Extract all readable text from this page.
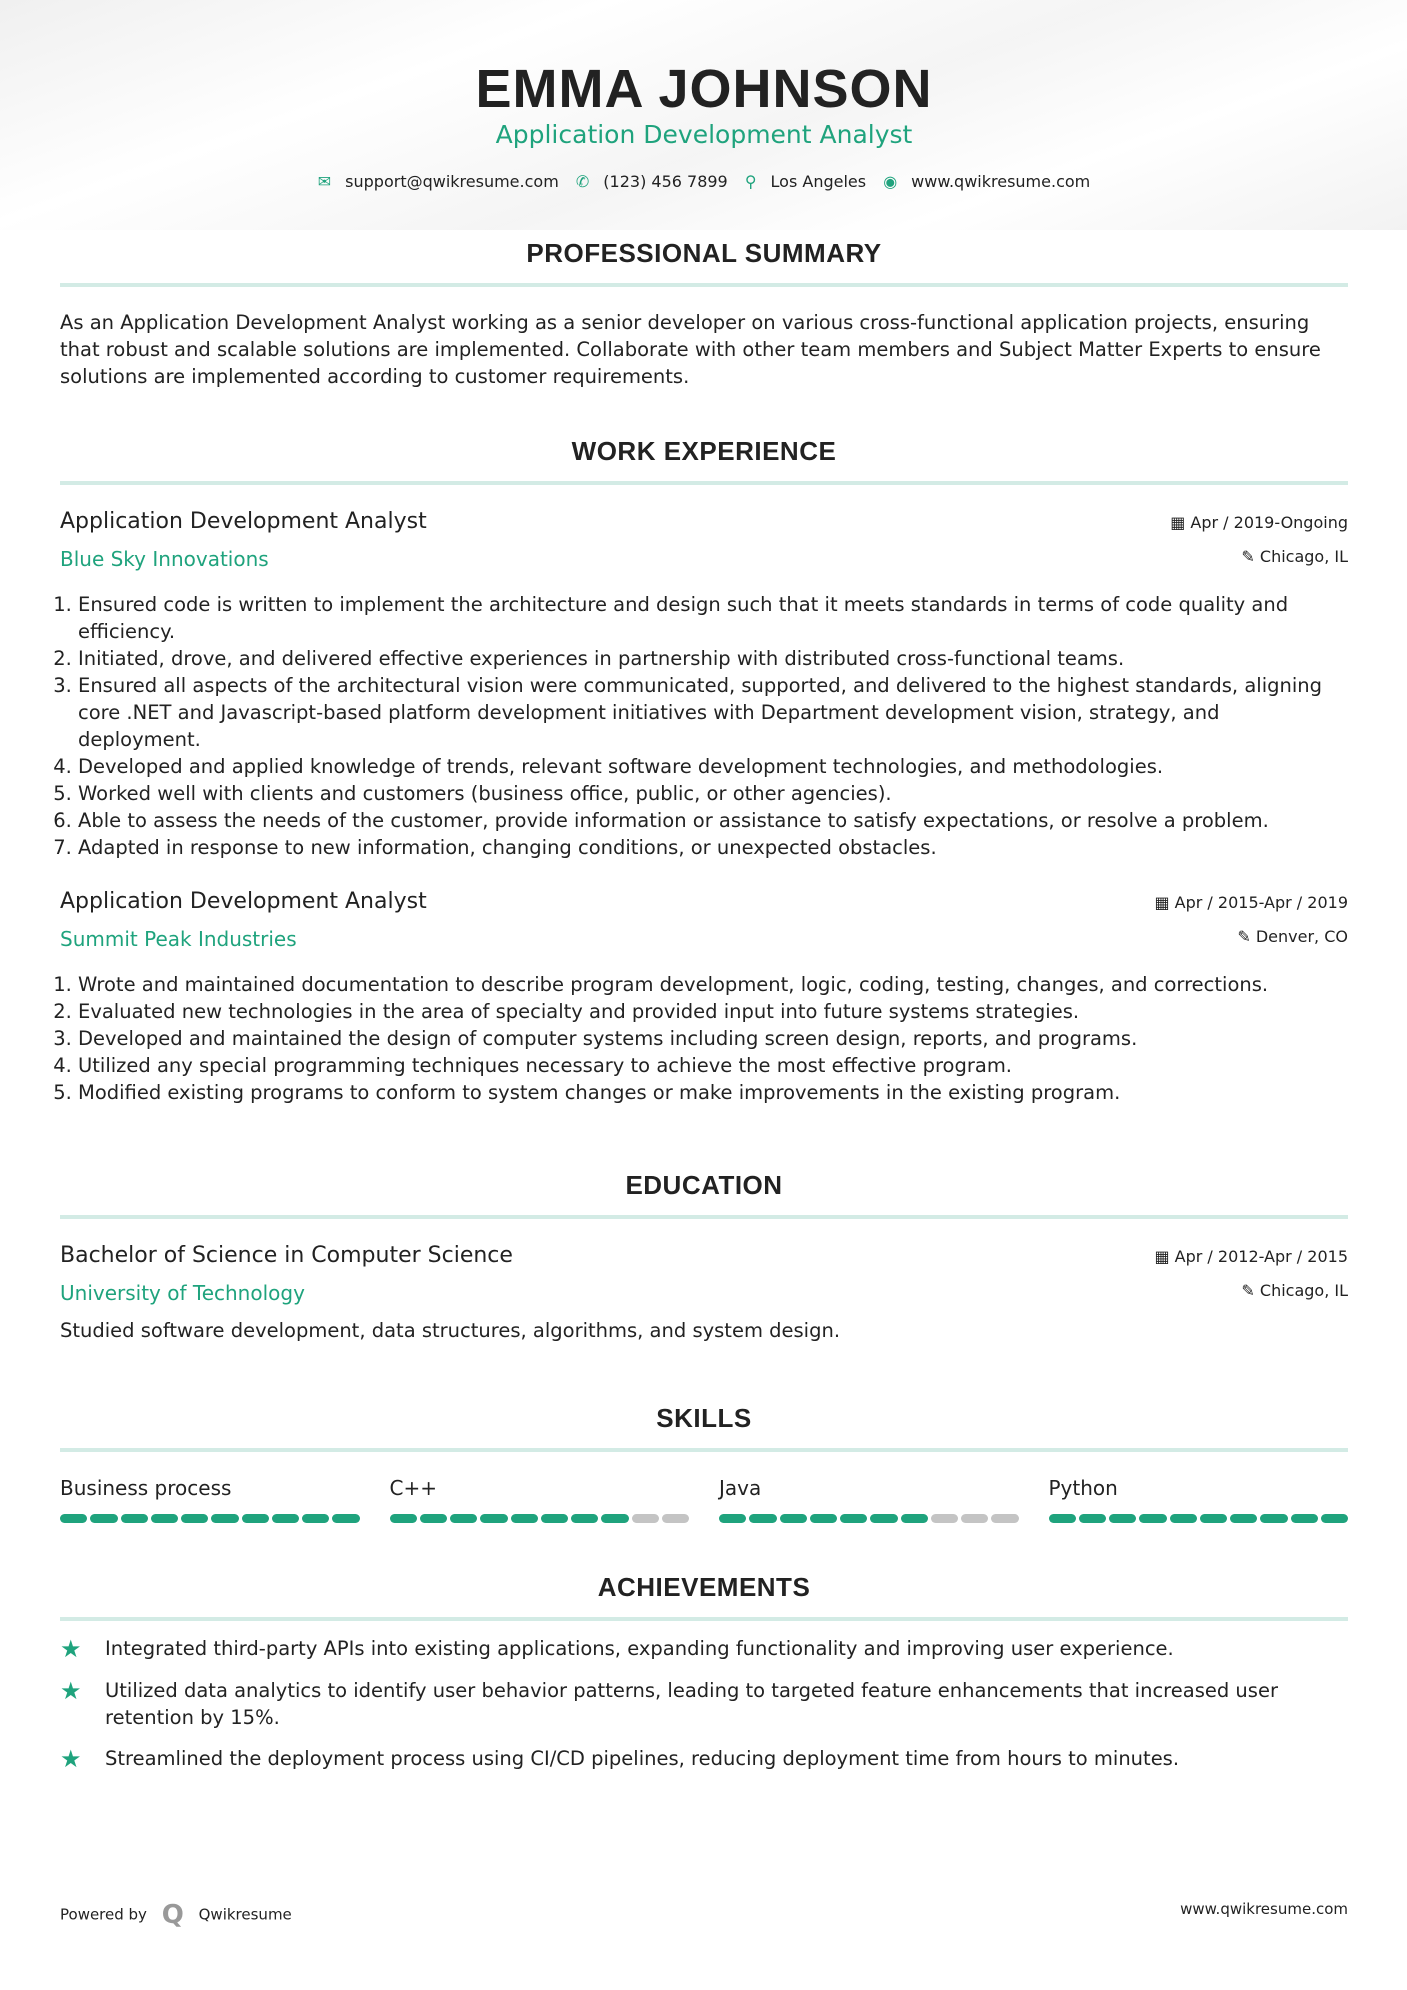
EMMA JOHNSON
Application Development Analyst
✉ support@qwikresume.com ✆ (123) 456 7899 ⚲ Los Angeles ◉ www.qwikresume.com
PROFESSIONAL SUMMARY

As an Application Development Analyst working as a senior developer on various cross-functional application projects, ensuring that robust and scalable solutions are implemented. Collaborate with other team members and Subject Matter Experts to ensure solutions are implemented according to customer requirements.

WORK EXPERIENCE
Application Development Analyst
Blue Sky Innovations
▦ Apr / 2019-Ongoing
✎ Chicago, IL
1. Ensured code is written to implement the architecture and design such that it meets standards in terms of code quality and efficiency.
2. Initiated, drove, and delivered effective experiences in partnership with distributed cross-functional teams.
3. Ensured all aspects of the architectural vision were communicated, supported, and delivered to the highest standards, aligning core .NET and Javascript-based platform development initiatives with Department development vision, strategy, and deployment.
4. Developed and applied knowledge of trends, relevant software development technologies, and methodologies.
5. Worked well with clients and customers (business office, public, or other agencies).
6. Able to assess the needs of the customer, provide information or assistance to satisfy expectations, or resolve a problem.
7. Adapted in response to new information, changing conditions, or unexpected obstacles.
Application Development Analyst
Summit Peak Industries
▦ Apr / 2015-Apr / 2019
✎ Denver, CO
1. Wrote and maintained documentation to describe program development, logic, coding, testing, changes, and corrections.
2. Evaluated new technologies in the area of specialty and provided input into future systems strategies.
3. Developed and maintained the design of computer systems including screen design, reports, and programs.
4. Utilized any special programming techniques necessary to achieve the most effective program.
5. Modified existing programs to conform to system changes or make improvements in the existing program.
EDUCATION
Bachelor of Science in Computer Science
University of Technology
▦ Apr / 2012-Apr / 2015
✎ Chicago, IL

Studied software development, data structures, algorithms, and system design.

SKILLS
Business process	C++	Java	Python
ACHIEVEMENTS
★	Integrated third-party APIs into existing applications, expanding functionality and improving user experience.

★	Utilized data analytics to identify user behavior patterns, leading to targeted feature enhancements that increased user retention by 15%.

★	Streamlined the deployment process using CI/CD pipelines, reducing deployment time from hours to minutes.

Powered by Q Qwikresume	www.qwikresume.com
